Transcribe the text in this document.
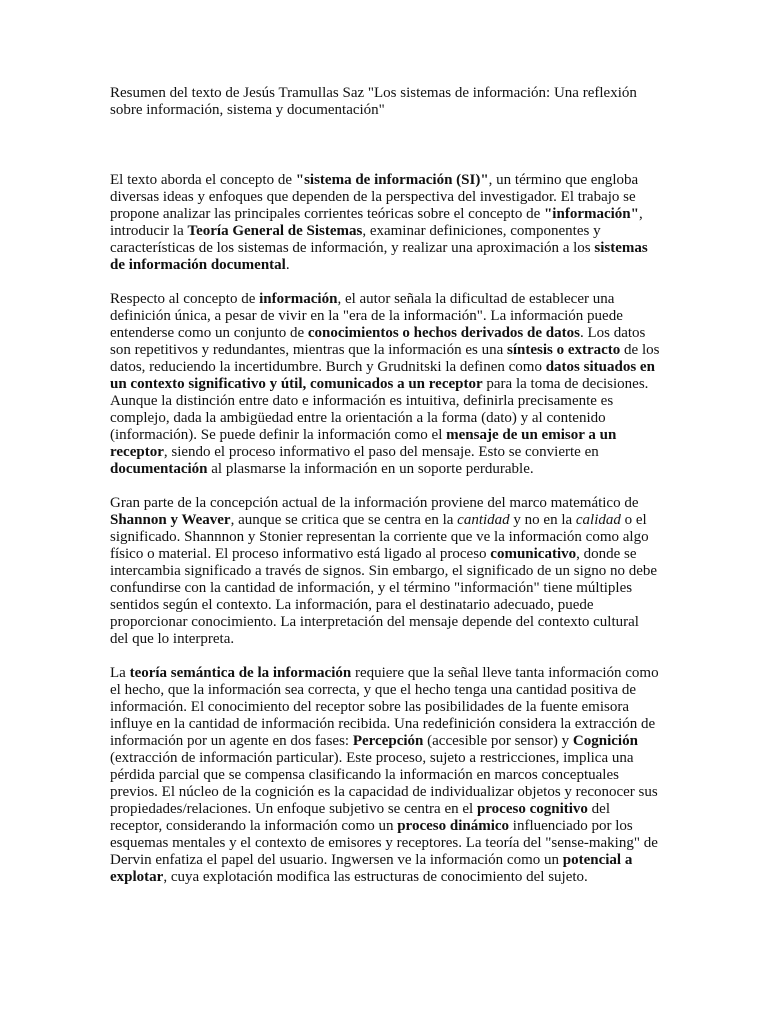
Resumen del texto de Jesús Tramullas Saz "Los sistemas de información: Una reflexión sobre información, sistema y documentación"

El texto aborda el concepto de "sistema de información (SI)", un término que engloba diversas ideas y enfoques que dependen de la perspectiva del investigador. El trabajo se propone analizar las principales corrientes teóricas sobre el concepto de "información", introducir la Teoría General de Sistemas, examinar definiciones, componentes y características de los sistemas de información, y realizar una aproximación a los sistemas de información documental.

Respecto al concepto de información, el autor señala la dificultad de establecer una definición única, a pesar de vivir en la "era de la información". La información puede entenderse como un conjunto de conocimientos o hechos derivados de datos. Los datos son repetitivos y redundantes, mientras que la información es una síntesis o extracto de los datos, reduciendo la incertidumbre. Burch y Grudnitski la definen como datos situados en un contexto significativo y útil, comunicados a un receptor para la toma de decisiones. Aunque la distinción entre dato e información es intuitiva, definirla precisamente es complejo, dada la ambigüedad entre la orientación a la forma (dato) y al contenido (información). Se puede definir la información como el mensaje de un emisor a un receptor, siendo el proceso informativo el paso del mensaje. Esto se convierte en documentación al plasmarse la información en un soporte perdurable.

Gran parte de la concepción actual de la información proviene del marco matemático de Shannon y Weaver, aunque se critica que se centra en la cantidad y no en la calidad o el significado. Shannnon y Stonier representan la corriente que ve la información como algo físico o material. El proceso informativo está ligado al proceso comunicativo, donde se intercambia significado a través de signos. Sin embargo, el significado de un signo no debe confundirse con la cantidad de información, y el término "información" tiene múltiples sentidos según el contexto. La información, para el destinatario adecuado, puede proporcionar conocimiento. La interpretación del mensaje depende del contexto cultural del que lo interpreta.

La teoría semántica de la información requiere que la señal lleve tanta información como el hecho, que la información sea correcta, y que el hecho tenga una cantidad positiva de información. El conocimiento del receptor sobre las posibilidades de la fuente emisora influye en la cantidad de información recibida. Una redefinición considera la extracción de información por un agente en dos fases: Percepción (accesible por sensor) y Cognición (extracción de información particular). Este proceso, sujeto a restricciones, implica una pérdida parcial que se compensa clasificando la información en marcos conceptuales previos. El núcleo de la cognición es la capacidad de individualizar objetos y reconocer sus propiedades/relaciones. Un enfoque subjetivo se centra en el proceso cognitivo del receptor, considerando la información como un proceso dinámico influenciado por los esquemas mentales y el contexto de emisores y receptores. La teoría del "sense-making" de Dervin enfatiza el papel del usuario. Ingwersen ve la información como un potencial a explotar, cuya explotación modifica las estructuras de conocimiento del sujeto.
